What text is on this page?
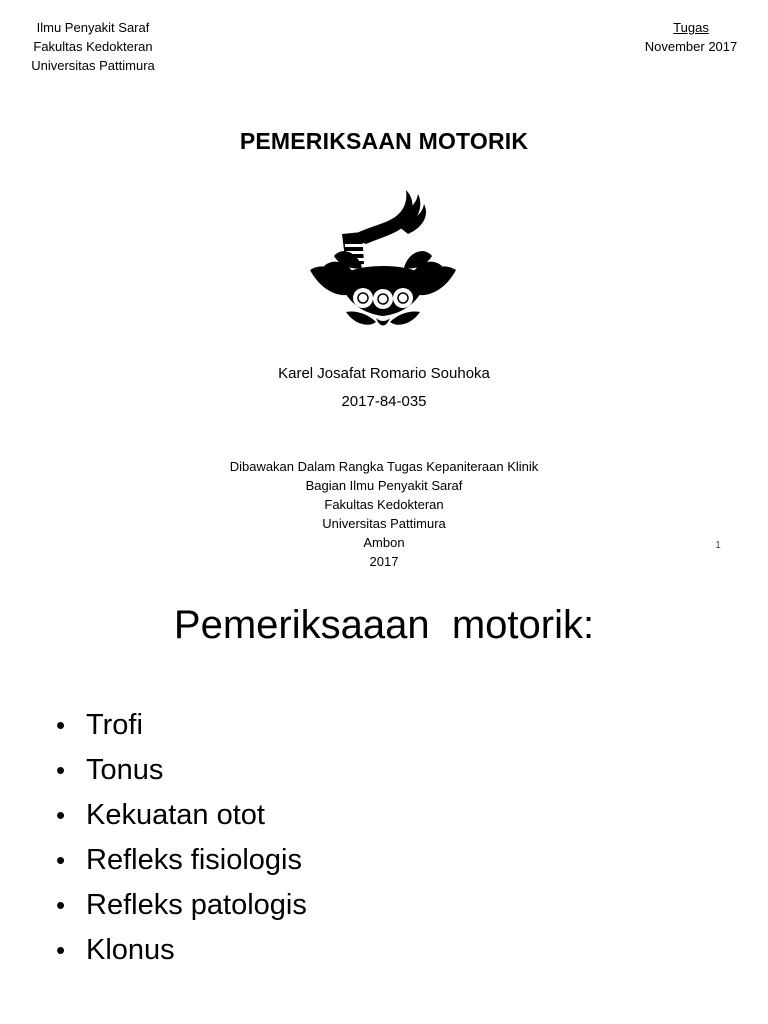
Ilmu Penyakit Saraf
Fakultas Kedokteran
Universitas Pattimura
Tugas
November 2017
PEMERIKSAAN MOTORIK
Karel Josafat Romario Souhoka
2017-84-035
Dibawakan Dalam Rangka Tugas Kepaniteraan Klinik
Bagian Ilmu Penyakit Saraf
Fakultas Kedokteran
Universitas Pattimura
Ambon
2017
1
Pemeriksaaan  motorik:
• Trofi
• Tonus
• Kekuatan otot
• Refleks fisiologis
• Refleks patologis
• Klonus
